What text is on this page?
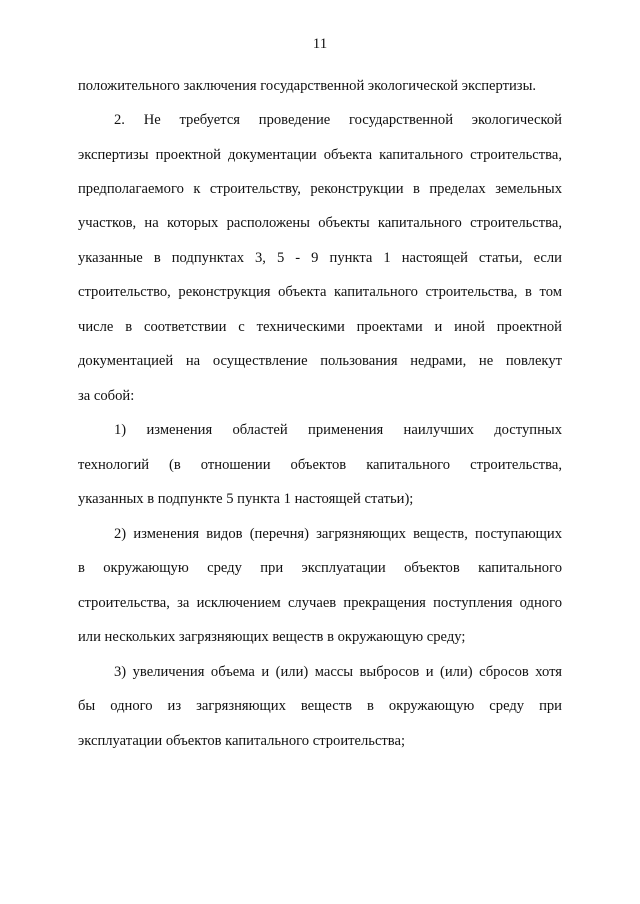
11
положительного заключения государственной экологической экспертизы.
2. Не требуется проведение государственной экологической
экспертизы проектной документации объекта капитального строительства,
предполагаемого к строительству, реконструкции в пределах земельных
участков, на которых расположены объекты капитального строительства,
указанные в подпунктах 3, 5 - 9 пункта 1 настоящей статьи, если
строительство, реконструкция объекта капитального строительства, в том
числе в соответствии с техническими проектами и иной проектной
документацией на осуществление пользования недрами, не повлекут
за собой:
1) изменения областей применения наилучших доступных
технологий (в отношении объектов капитального строительства,
указанных в подпункте 5 пункта 1 настоящей статьи);
2) изменения видов (перечня) загрязняющих веществ, поступающих
в окружающую среду при эксплуатации объектов капитального
строительства, за исключением случаев прекращения поступления одного
или нескольких загрязняющих веществ в окружающую среду;
3) увеличения объема и (или) массы выбросов и (или) сбросов хотя
бы одного из загрязняющих веществ в окружающую среду при
эксплуатации объектов капитального строительства;
